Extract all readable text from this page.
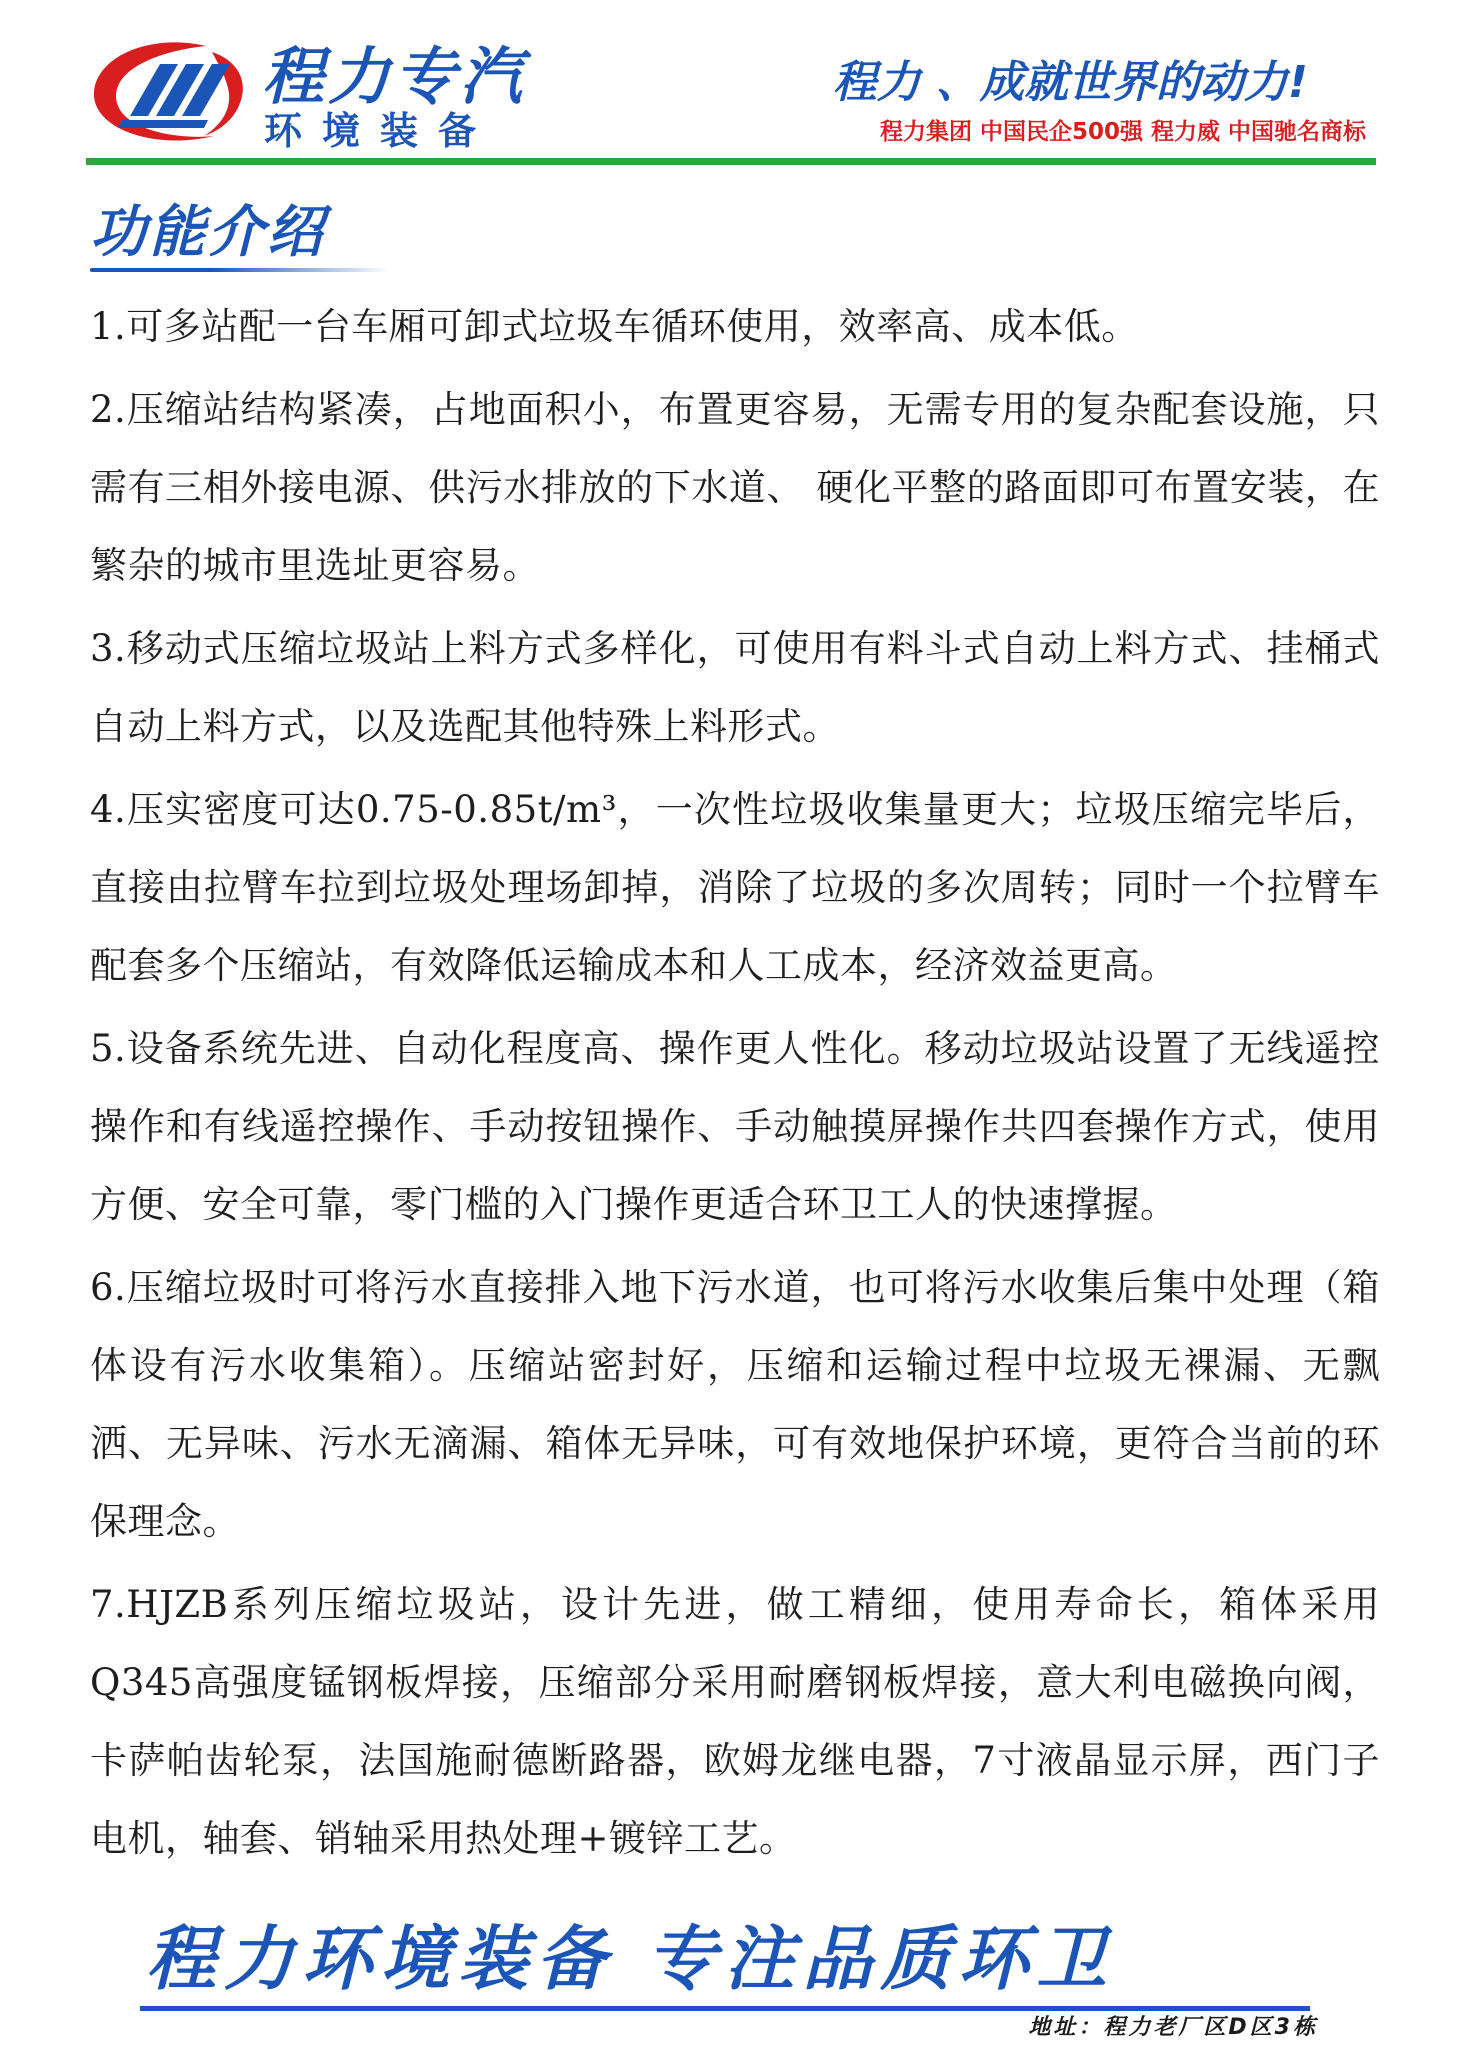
程力专汽
环境装备
程力 、成就世界的动力!
程力集团 中国民企500强 程力威 中国驰名商标
功能介绍

1.可多站配一台车厢可卸式垃圾车循环使用，效率高、成本低。

2.压缩站结构紧凑，占地面积小，布置更容易，无需专用的复杂配套设施，只需有三相外接电源、供污水排放的下水道、 硬化平整的路面即可布置安装，在繁杂的城市里选址更容易。

3.移动式压缩垃圾站上料方式多样化，可使用有料斗式自动上料方式、挂桶式自动上料方式，以及选配其他特殊上料形式。

4.压实密度可达0.75-0.85t/m³，一次性垃圾收集量更大；垃圾压缩完毕后，直接由拉臂车拉到垃圾处理场卸掉，消除了垃圾的多次周转；同时一个拉臂车配套多个压缩站，有效降低运输成本和人工成本，经济效益更高。

5.设备系统先进、自动化程度高、操作更人性化。移动垃圾站设置了无线遥控操作和有线遥控操作、手动按钮操作、手动触摸屏操作共四套操作方式，使用方便、安全可靠，零门槛的入门操作更适合环卫工人的快速撑握。

6.压缩垃圾时可将污水直接排入地下污水道，也可将污水收集后集中处理（箱体设有污水收集箱）。压缩站密封好，压缩和运输过程中垃圾无裸漏、无飘洒、无异味、污水无滴漏、箱体无异味，可有效地保护环境，更符合当前的环保理念。

7.HJZB系列压缩垃圾站，设计先进，做工精细，使用寿命长，箱体采用Q345高强度锰钢板焊接，压缩部分采用耐磨钢板焊接，意大利电磁换向阀，卡萨帕齿轮泵，法国施耐德断路器，欧姆龙继电器，7寸液晶显示屏，西门子电机，轴套、销轴采用热处理+镀锌工艺。

程力环境装备 专注品质环卫
地址：程力老厂区D区3栋
